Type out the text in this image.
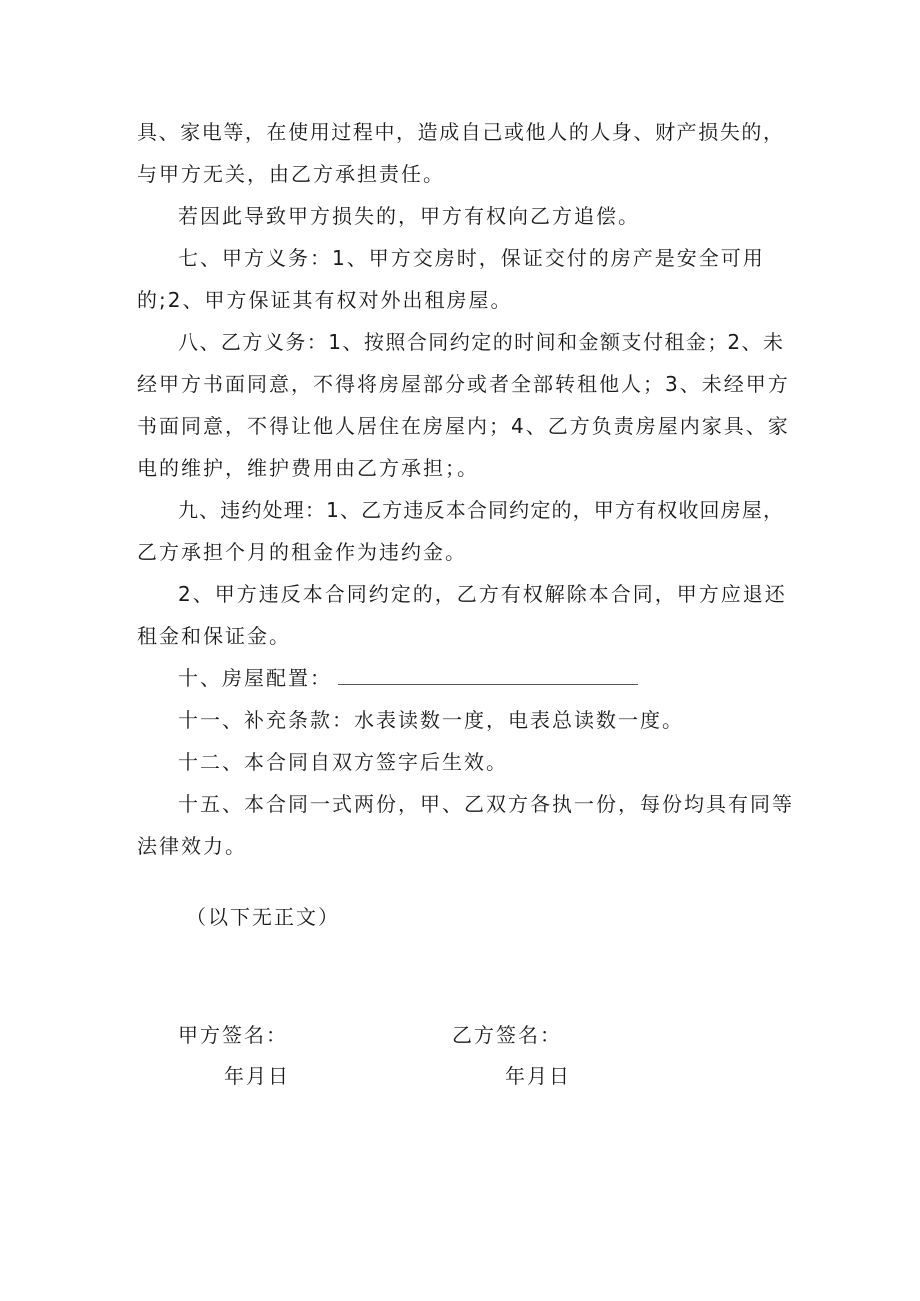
具、家电等，在使用过程中，造成自己或他人的人身、财产损失的，
与甲方无关，由乙方承担责任。
若因此导致甲方损失的，甲方有权向乙方追偿。
七、甲方义务：1、甲方交房时，保证交付的房产是安全可用
的;2、甲方保证其有权对外出租房屋。
八、乙方义务：1、按照合同约定的时间和金额支付租金；2、未
经甲方书面同意，不得将房屋部分或者全部转租他人；3、未经甲方
书面同意，不得让他人居住在房屋内；4、乙方负责房屋内家具、家
电的维护，维护费用由乙方承担；。
九、违约处理：1、乙方违反本合同约定的，甲方有权收回房屋，
乙方承担个月的租金作为违约金。
2、甲方违反本合同约定的，乙方有权解除本合同，甲方应退还
租金和保证金。
十、房屋配置：
十一、补充条款：水表读数一度，电表总读数一度。
十二、本合同自双方签字后生效。
十五、本合同一式两份，甲、乙双方各执一份，每份均具有同等
法律效力。
（以下无正文）
甲方签名：	乙方签名：
年月日	年月日
